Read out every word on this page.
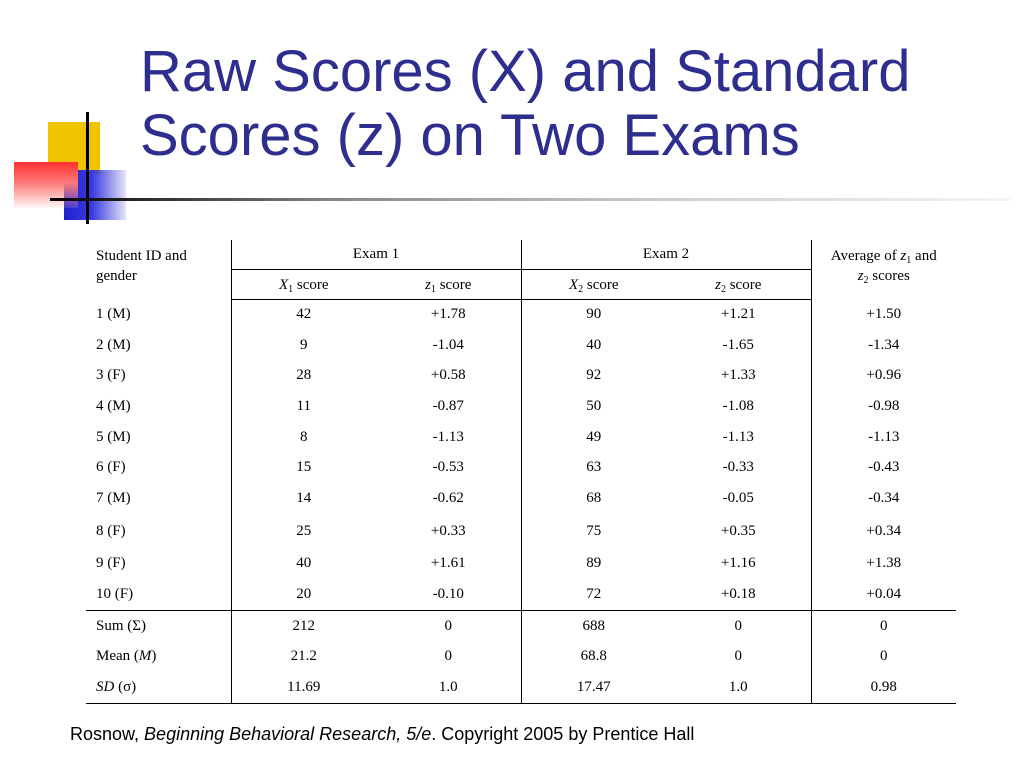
Raw Scores (X) and Standard
Scores (z) on Two Exams
Student ID and
gender	Exam 1		Exam 2		Average of $z_1$ and
$z_2$ scores
	$X_1$ score	$z_1$ score	$X_2$ score	$z_2$ score	
1 (M)	42	+1.78	90	+1.21	+1.50
2 (M)	9	-1.04	40	-1.65	-1.34
3 (F)	28	+0.58	92	+1.33	+0.96
4 (M)	11	-0.87	50	-1.08	-0.98
5 (M)	8	-1.13	49	-1.13	-1.13
6 (F)	15	-0.53	63	-0.33	-0.43
7 (M)	14	-0.62	68	-0.05	-0.34
8 (F)	25	+0.33	75	+0.35	+0.34
9 (F)	40	+1.61	89	+1.16	+1.38
10 (F)	20	-0.10	72	+0.18	+0.04
Sum (Σ)	212	0	688	0	0
Mean (M)	21.2	0	68.8	0	0
SD (σ)	11.69	1.0	17.47	1.0	0.98
Rosnow, Beginning Behavioral Research, 5/e. Copyright 2005 by Prentice Hall
